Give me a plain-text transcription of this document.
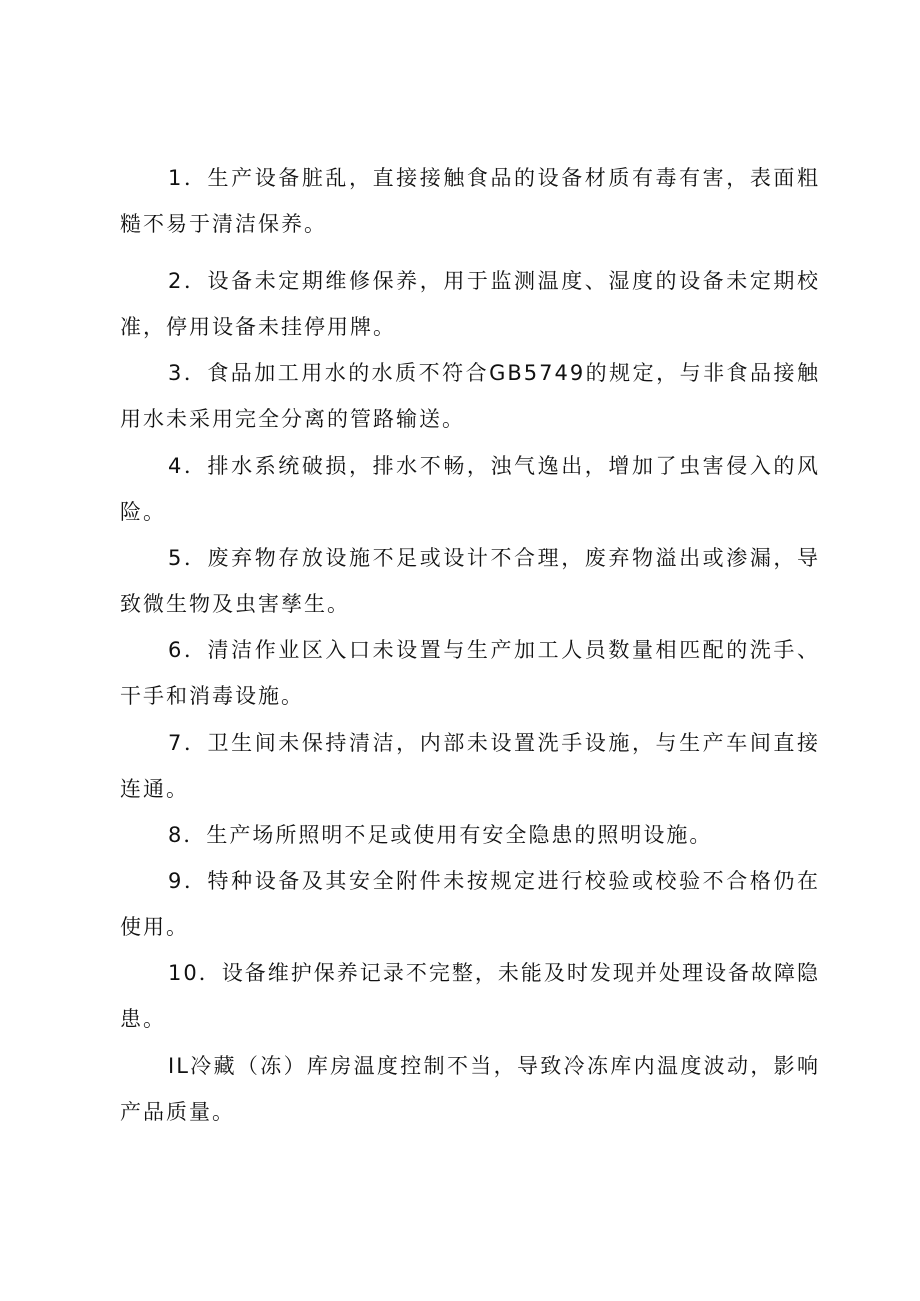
1．生产设备脏乱，直接接触食品的设备材质有毒有害，表面粗糙不易于清洁保养。

2．设备未定期维修保养，用于监测温度、湿度的设备未定期校准，停用设备未挂停用牌。

3．食品加工用水的水质不符合GB5749的规定，与非食品接触用水未采用完全分离的管路输送。

4．排水系统破损，排水不畅，浊气逸出，增加了虫害侵入的风险。

5．废弃物存放设施不足或设计不合理，废弃物溢出或渗漏，导致微生物及虫害孳生。

6．清洁作业区入口未设置与生产加工人员数量相匹配的洗手、干手和消毒设施。

7．卫生间未保持清洁，内部未设置洗手设施，与生产车间直接连通。

8．生产场所照明不足或使用有安全隐患的照明设施。

9．特种设备及其安全附件未按规定进行校验或校验不合格仍在使用。

10．设备维护保养记录不完整，未能及时发现并处理设备故障隐患。

IL冷藏（冻）库房温度控制不当，导致冷冻库内温度波动，影响产品质量。
